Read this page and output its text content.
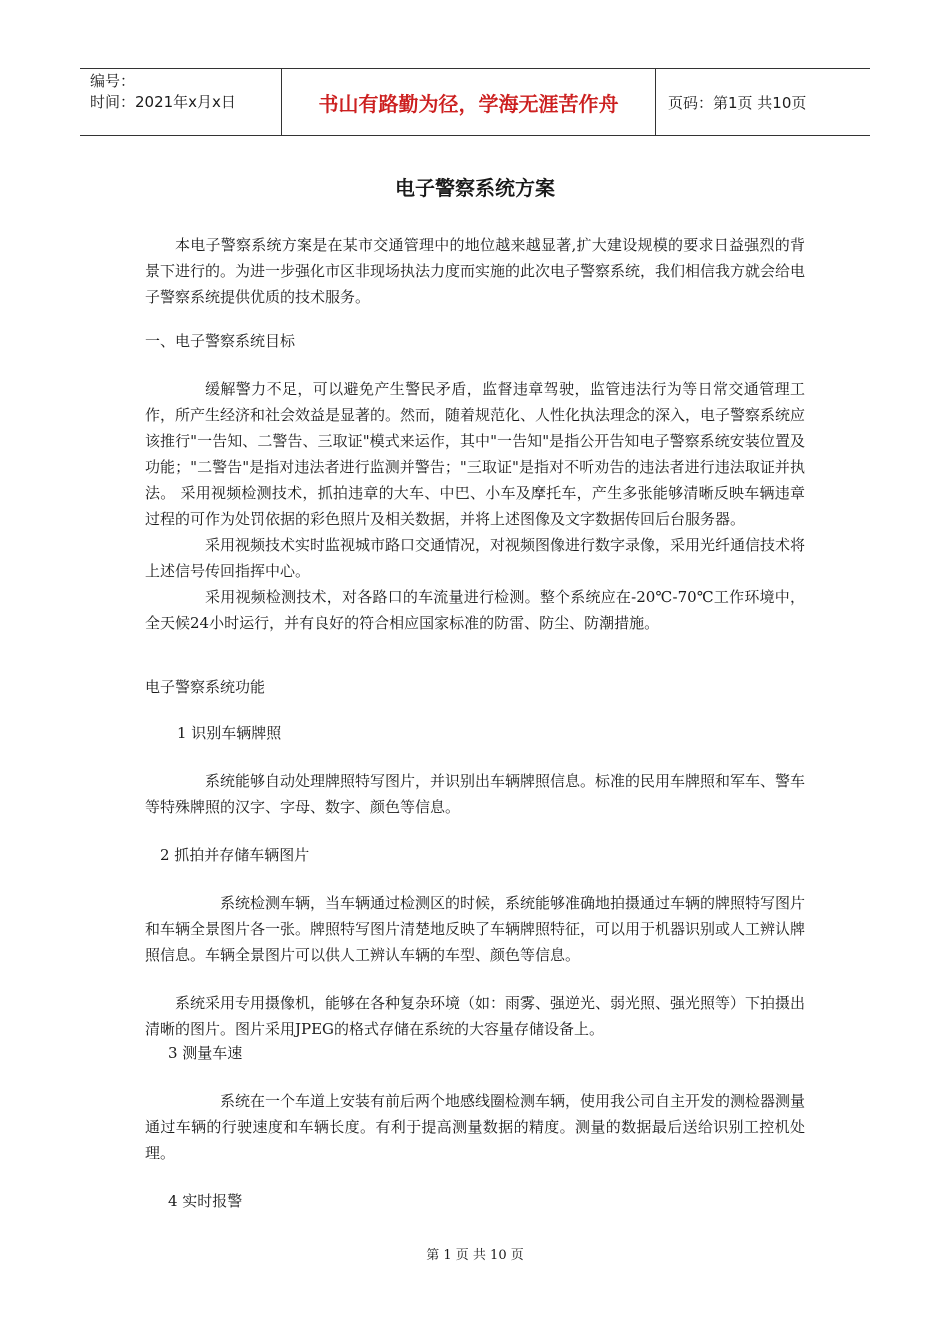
编号：
时间：2021年x月x日	书山有路勤为径，学海无涯苦作舟	页码：第1页 共10页
电子警察系统方案

本电子警察系统方案是在某市交通管理中的地位越来越显著,扩大建设规模的要求日益强烈的背景下进行的。为进一步强化市区非现场执法力度而实施的此次电子警察系统，我们相信我方就会给电子警察系统提供优质的技术服务。

一、电子警察系统目标

缓解警力不足，可以避免产生警民矛盾，监督违章驾驶，监管违法行为等日常交通管理工作，所产生经济和社会效益是显著的。然而，随着规范化、人性化执法理念的深入，电子警察系统应该推行"一告知、二警告、三取证"模式来运作，其中"一告知"是指公开告知电子警察系统安装位置及功能；"二警告"是指对违法者进行监测并警告；"三取证"是指对不听劝告的违法者进行违法取证并执法。 采用视频检测技术，抓拍违章的大车、中巴、小车及摩托车，产生多张能够清晰反映车辆违章过程的可作为处罚依据的彩色照片及相关数据，并将上述图像及文字数据传回后台服务器。

采用视频技术实时监视城市路口交通情况，对视频图像进行数字录像，采用光纤通信技术将上述信号传回指挥中心。

采用视频检测技术，对各路口的车流量进行检测。整个系统应在-20℃-70℃工作环境中，全天候24小时运行，并有良好的符合相应国家标准的防雷、防尘、防潮措施。

电子警察系统功能
1 识别车辆牌照

系统能够自动处理牌照特写图片，并识别出车辆牌照信息。标准的民用车牌照和军车、警车等特殊牌照的汉字、字母、数字、颜色等信息。

2 抓拍并存储车辆图片

系统检测车辆，当车辆通过检测区的时候，系统能够准确地拍摄通过车辆的牌照特写图片和车辆全景图片各一张。牌照特写图片清楚地反映了车辆牌照特征，可以用于机器识别或人工辨认牌照信息。车辆全景图片可以供人工辨认车辆的车型、颜色等信息。

系统采用专用摄像机，能够在各种复杂环境（如：雨雾、强逆光、弱光照、强光照等）下拍摄出清晰的图片。图片采用JPEG的格式存储在系统的大容量存储设备上。

3 测量车速

系统在一个车道上安装有前后两个地感线圈检测车辆，使用我公司自主开发的测检器测量通过车辆的行驶速度和车辆长度。有利于提高测量数据的精度。测量的数据最后送给识别工控机处理。

4 实时报警
第 1 页 共 10 页
